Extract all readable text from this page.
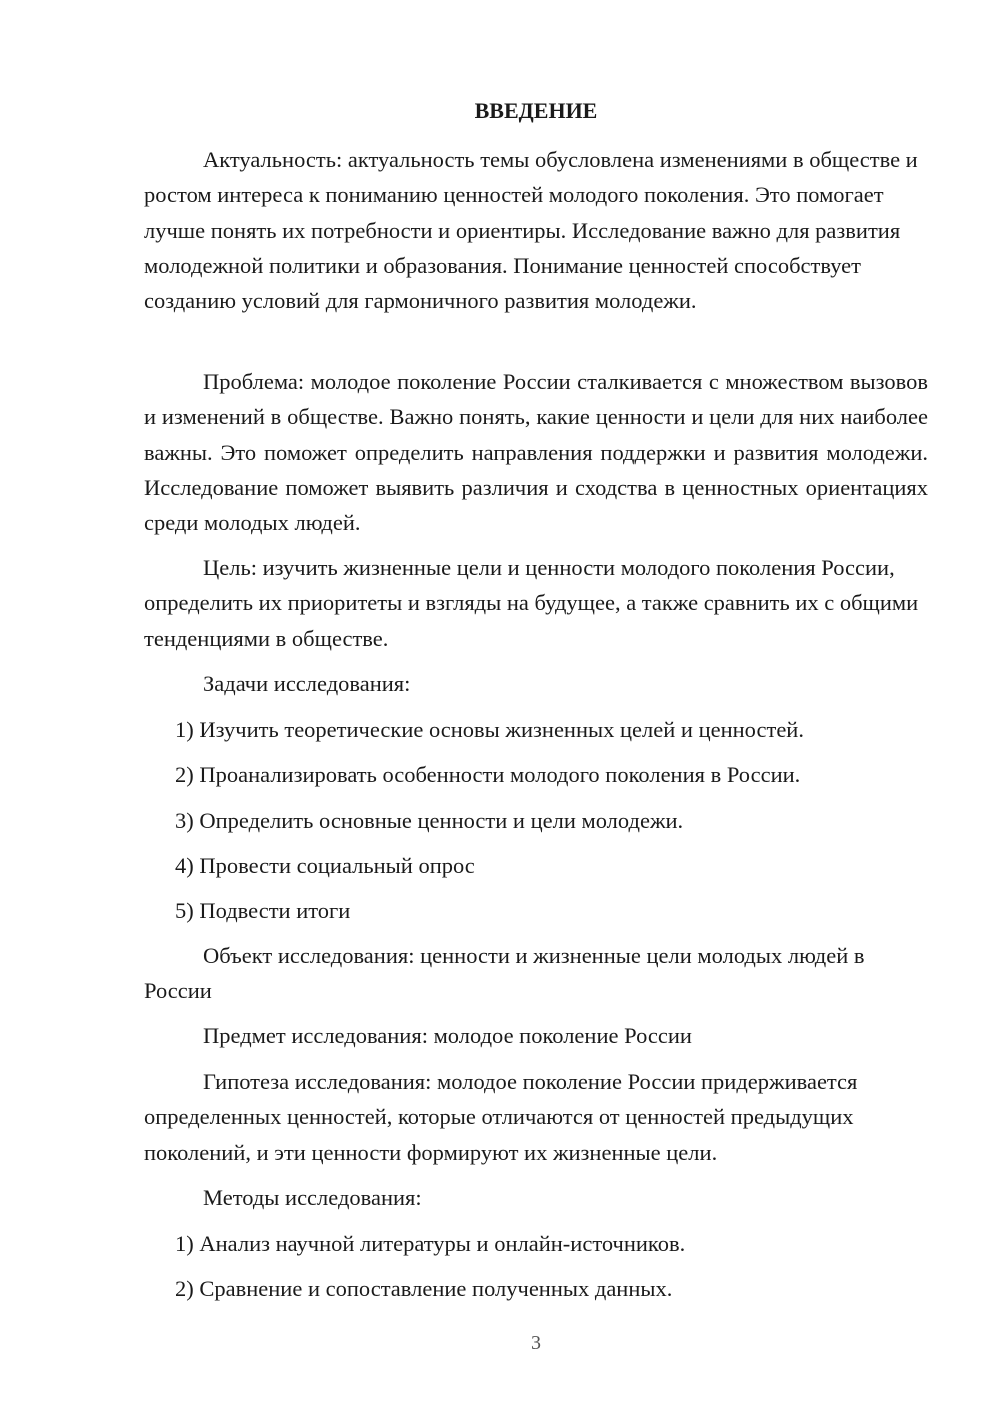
ВВЕДЕНИЕ

Актуальность: актуальность темы обусловлена изменениями в обществе и ростом интереса к пониманию ценностей молодого поколения. Это помогает лучше понять их потребности и ориентиры. Исследование важно для развития молодежной политики и образования. Понимание ценностей способствует созданию условий для гармоничного развития молодежи.

Проблема: молодое поколение России сталкивается с множеством вызовов и изменений в обществе. Важно понять, какие ценности и цели для них наиболее важны. Это поможет определить направления поддержки и развития молодежи. Исследование поможет выявить различия и сходства в ценностных ориентациях среди молодых людей.

Цель: изучить жизненные цели и ценности молодого поколения России, определить их приоритеты и взгляды на будущее, а также сравнить их с общими тенденциями в обществе.

Задачи исследования:

1) Изучить теоретические основы жизненных целей и ценностей.

2) Проанализировать особенности молодого поколения в России.

3) Определить основные ценности и цели молодежи.

4) Провести социальный опрос

5) Подвести итоги

Объект исследования: ценности и жизненные цели молодых людей в России

Предмет исследования: молодое поколение России

Гипотеза исследования: молодое поколение России придерживается определенных ценностей, которые отличаются от ценностей предыдущих поколений, и эти ценности формируют их жизненные цели.

Методы исследования:

1) Анализ научной литературы и онлайн-источников.

2) Сравнение и сопоставление полученных данных.

3
